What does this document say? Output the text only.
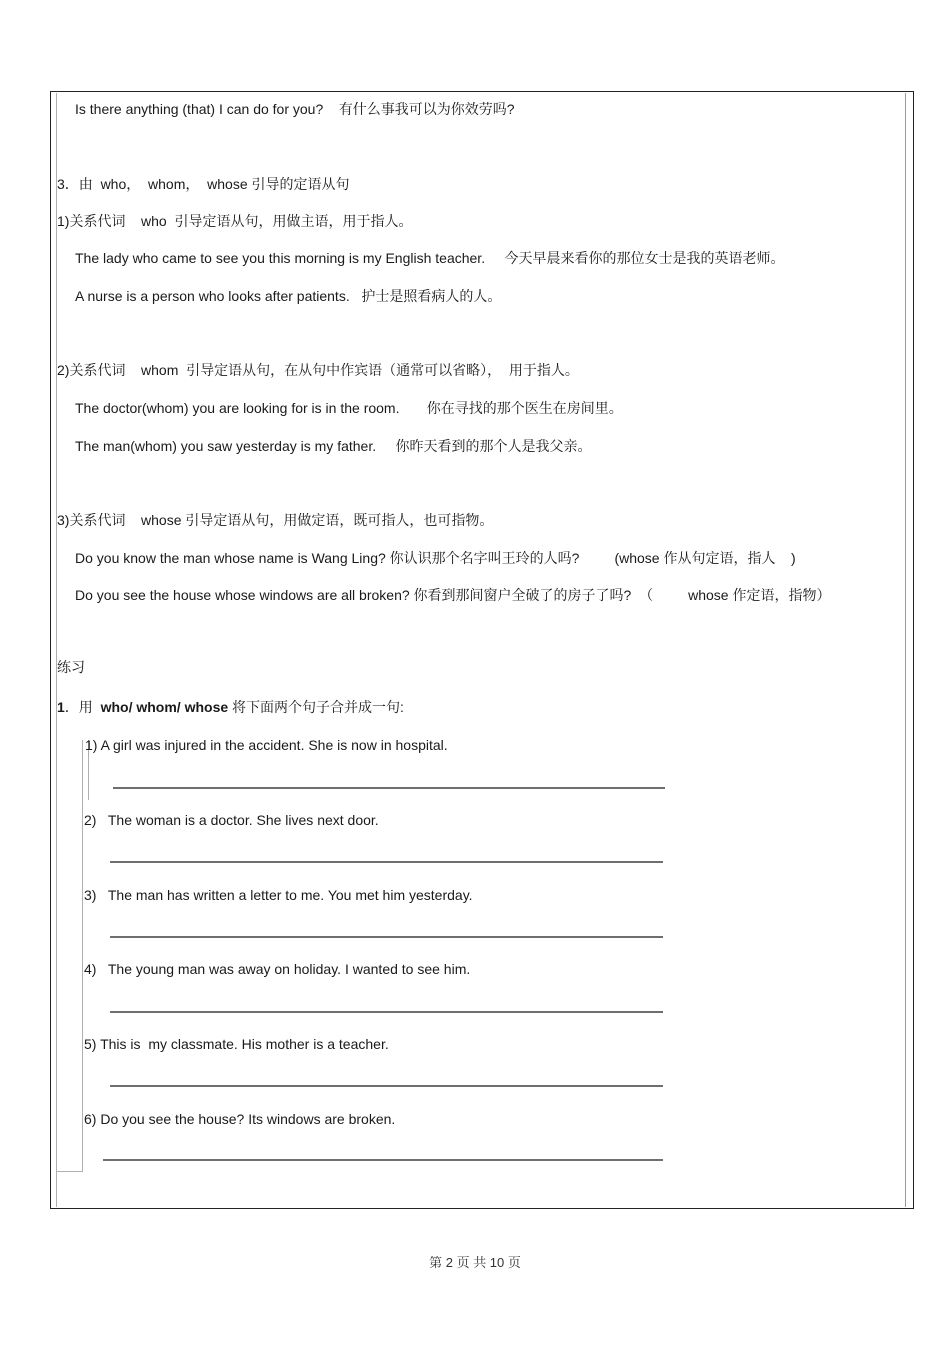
Is there anything (that) I can do for you?    有什么事我可以为你效劳吗?
3．由  who，  whom，  whose 引导的定语从句
1)关系代词    who  引导定语从句，用做主语，用于指人。
The lady who came to see you this morning is my English teacher.     今天早晨来看你的那位女士是我的英语老师。
A nurse is a person who looks after patients.   护士是照看病人的人。
2)关系代词    whom  引导定语从句，在从句中作宾语（通常可以省略），  用于指人。
The doctor(whom) you are looking for is in the room.       你在寻找的那个医生在房间里。
The man(whom) you saw yesterday is my father.     你昨天看到的那个人是我父亲。
3)关系代词    whose 引导定语从句，用做定语，既可指人，也可指物。
Do you know the man whose name is Wang Ling? 你认识那个名字叫王玲的人吗?         (whose 作从句定语，指人    )
Do you see the house whose windows are all broken? 你看到那间窗户全破了的房子了吗?  （         whose 作定语，指物）
练习
1．用  who/ whom/ whose 将下面两个句子合并成一句:
1) A girl was injured in the accident. She is now in hospital.
2)   The woman is a doctor. She lives next door.
3)   The man has written a letter to me. You met him yesterday.
4)   The young man was away on holiday. I wanted to see him.
5) This is  my classmate. His mother is a teacher.
6) Do you see the house? Its windows are broken.
第 2 页 共 10 页
